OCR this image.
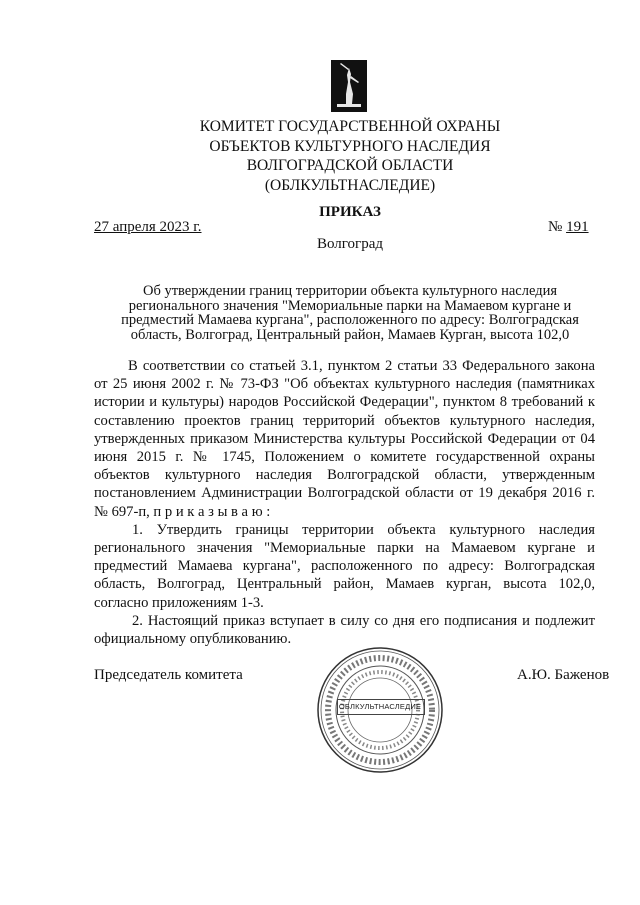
КОМИТЕТ ГОСУДАРСТВЕННОЙ ОХРАНЫ
ОБЪЕКТОВ КУЛЬТУРНОГО НАСЛЕДИЯ
ВОЛГОГРАДСКОЙ ОБЛАСТИ
(ОБЛКУЛЬТНАСЛЕДИЕ)
ПРИКАЗ
27 апреля 2023 г.	№ 191
Волгоград
Об утверждении границ территории объекта культурного наследия
регионального значения "Мемориальные парки на Мамаевом кургане и
предместий Мамаева кургана", расположенного по адресу: Волгоградская
область, Волгоград, Центральный район, Мамаев Курган, высота 102,0

В соответствии со статьей 3.1, пунктом 2 статьи 33 Федерального закона от 25 июня 2002 г. № 73-ФЗ "Об объектах культурного наследия (памятниках истории и культуры) народов Российской Федерации", пунктом 8 требований к составлению проектов границ территорий объектов культурного наследия, утвержденных приказом Министерства культуры Российской Федерации от 04 июня 2015 г. № 1745, Положением о комитете государственной охраны объектов культурного наследия Волгоградской области, утвержденным постановлением Администрации Волгоградской области от 19 декабря 2016 г. № 697-п, п р и к а з ы в а ю :

1. Утвердить границы территории объекта культурного наследия регионального значения "Мемориальные парки на Мамаевом кургане и предместий Мамаева кургана", расположенного по адресу: Волгоградская область, Волгоград, Центральный район, Мамаев курган, высота 102,0, согласно приложениям 1-3.

2. Настоящий приказ вступает в силу со дня его подписания и подлежит официальному опубликованию.

Председатель комитета	А.Ю. Баженов
ОБЛКУЛЬТНАСЛЕДИЕ
